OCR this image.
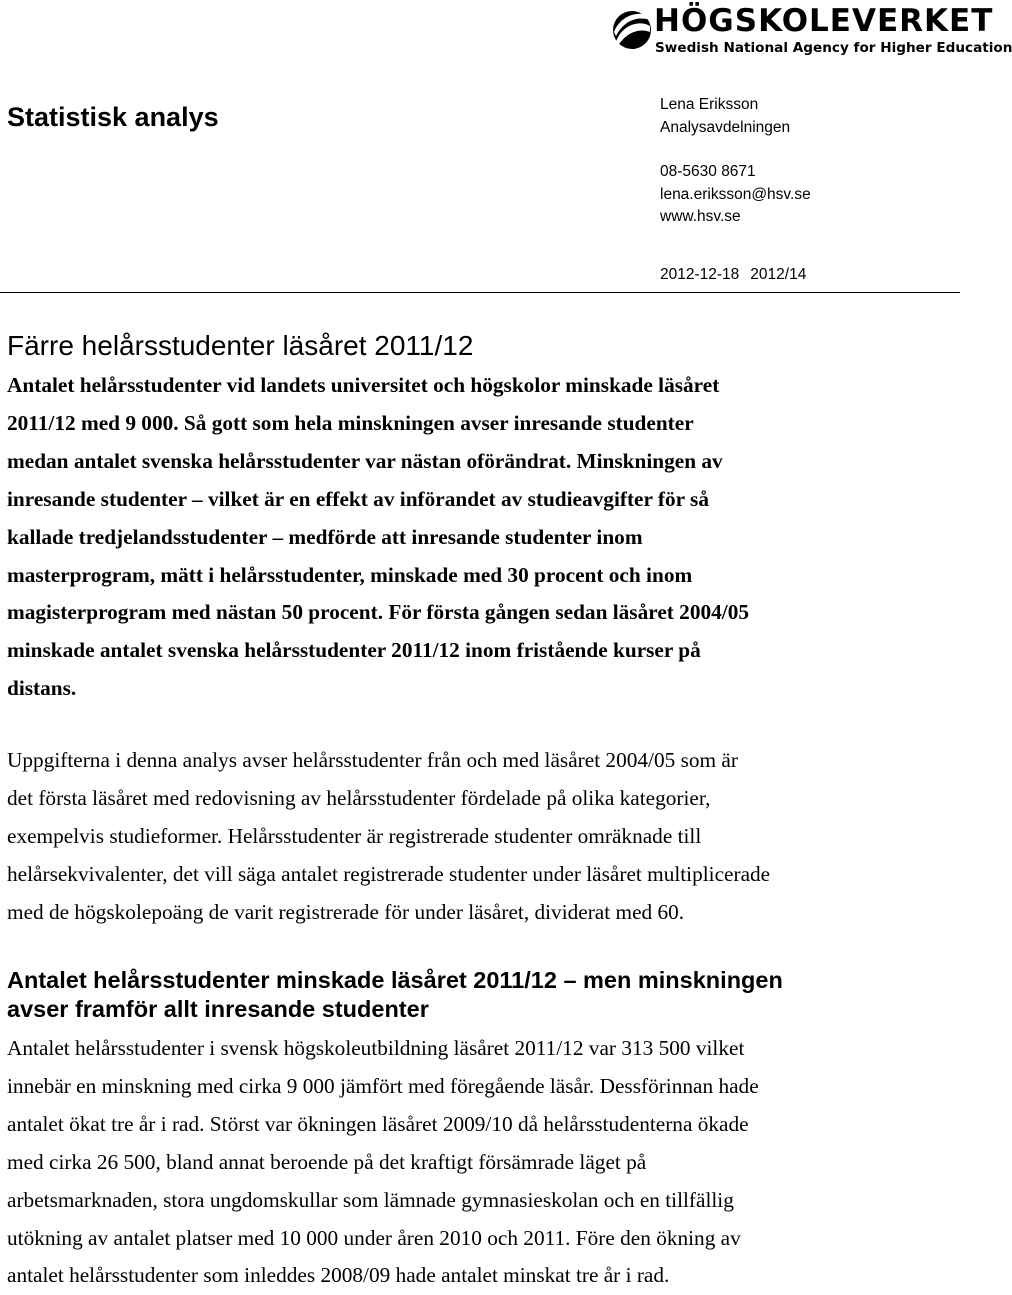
HÖGSKOLEVERKET
Swedish National Agency for Higher Education
Statistisk analys	Lena Eriksson
Analysavdelningen
08-5630 8671
lena.eriksson@hsv.se
www.hsv.se
2012-12-18 2012/14
Färre helårsstudenter läsåret 2011/12
Antalet helårsstudenter vid landets universitet och högskolor minskade läsåret
2011/12 med 9 000. Så gott som hela minskningen avser inresande studenter
medan antalet svenska helårsstudenter var nästan oförändrat. Minskningen av
inresande studenter – vilket är en effekt av införandet av studieavgifter för så
kallade tredjelandsstudenter – medförde att inresande studenter inom
masterprogram, mätt i helårsstudenter, minskade med 30 procent och inom
magisterprogram med nästan 50 procent. För första gången sedan läsåret 2004/05
minskade antalet svenska helårsstudenter 2011/12 inom fristående kurser på
distans.
Uppgifterna i denna analys avser helårsstudenter från och med läsåret 2004/05 som är
det första läsåret med redovisning av helårsstudenter fördelade på olika kategorier,
exempelvis studieformer. Helårsstudenter är registrerade studenter omräknade till
helårsekvivalenter, det vill säga antalet registrerade studenter under läsåret multiplicerade
med de högskolepoäng de varit registrerade för under läsåret, dividerat med 60.
Antalet helårsstudenter minskade läsåret 2011/12 – men minskningen
avser framför allt inresande studenter
Antalet helårsstudenter i svensk högskoleutbildning läsåret 2011/12 var 313 500 vilket
innebär en minskning med cirka 9 000 jämfört med föregående läsår. Dessförinnan hade
antalet ökat tre år i rad. Störst var ökningen läsåret 2009/10 då helårsstudenterna ökade
med cirka 26 500, bland annat beroende på det kraftigt försämrade läget på
arbetsmarknaden, stora ungdomskullar som lämnade gymnasieskolan och en tillfällig
utökning av antalet platser med 10 000 under åren 2010 och 2011. Före den ökning av
antalet helårsstudenter som inleddes 2008/09 hade antalet minskat tre år i rad.
